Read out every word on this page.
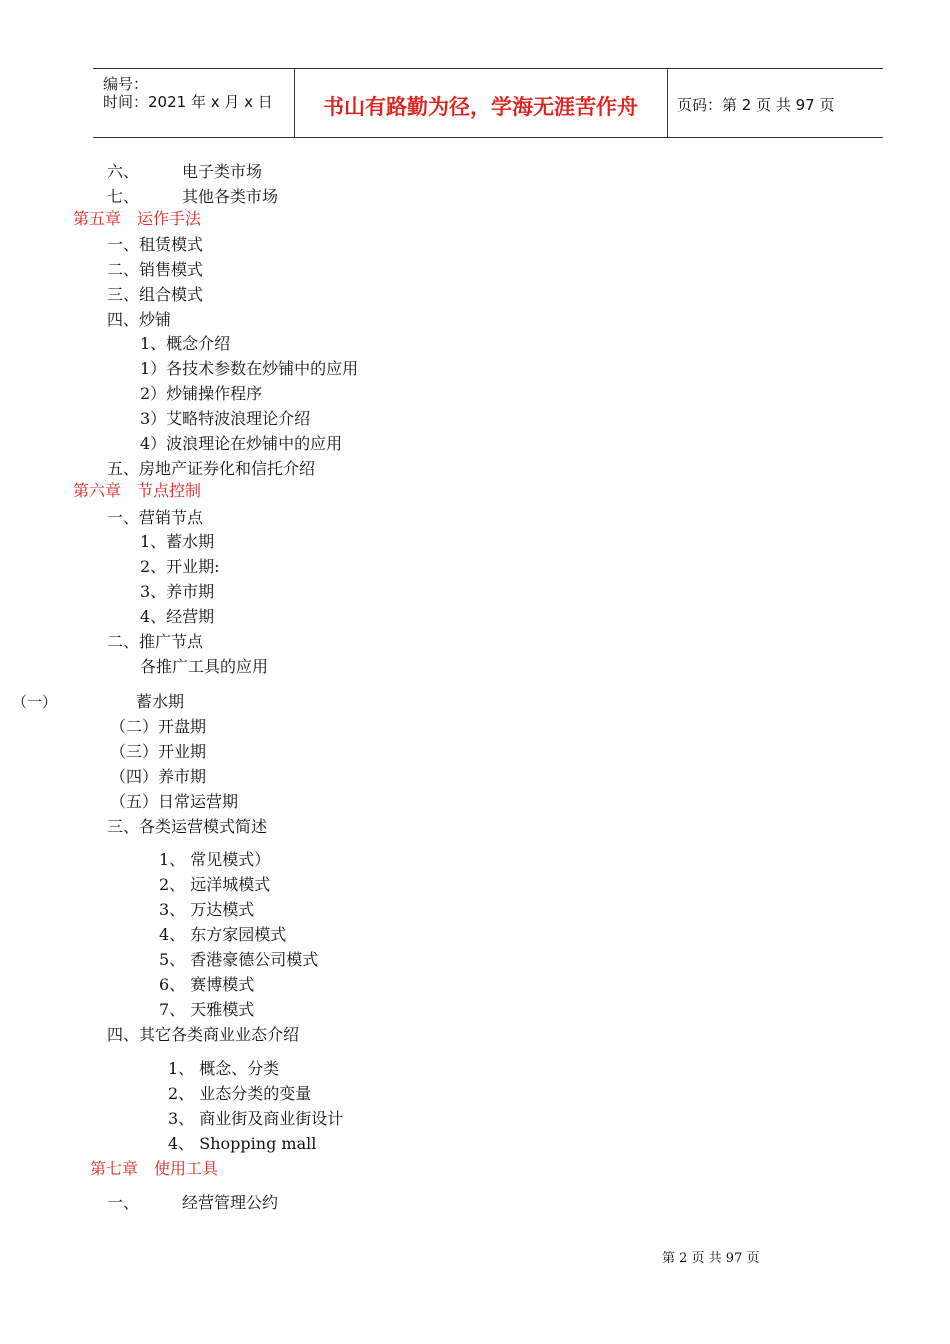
编号：
时间：2021 年 x 月 x 日	书山有路勤为径，学海无涯苦作舟	页码：第 2 页 共 97 页
六、	电子类市场
七、	其他各类市场
第五章　运作手法
一、租赁模式
二、销售模式
三、组合模式
四、炒铺
1、概念介绍
1）各技术参数在炒铺中的应用
2）炒铺操作程序
3）艾略特波浪理论介绍
4）波浪理论在炒铺中的应用
五、房地产证券化和信托介绍
第六章　节点控制
一、营销节点
1、蓄水期
2、开业期:
3、养市期
4、经营期
二、推广节点
各推广工具的应用
（一）	蓄水期
（二）开盘期
（三）开业期
（四）养市期
（五）日常运营期
三、各类运营模式简述
1、 常见模式）
2、 远洋城模式
3、 万达模式
4、 东方家园模式
5、 香港豪德公司模式
6、 赛博模式
7、 天雅模式
四、其它各类商业业态介绍
1、 概念、分类
2、 业态分类的变量
3、 商业街及商业街设计
4、 Shopping mall
第七章　使用工具
一、	经营管理公约
第 2 页 共 97 页
